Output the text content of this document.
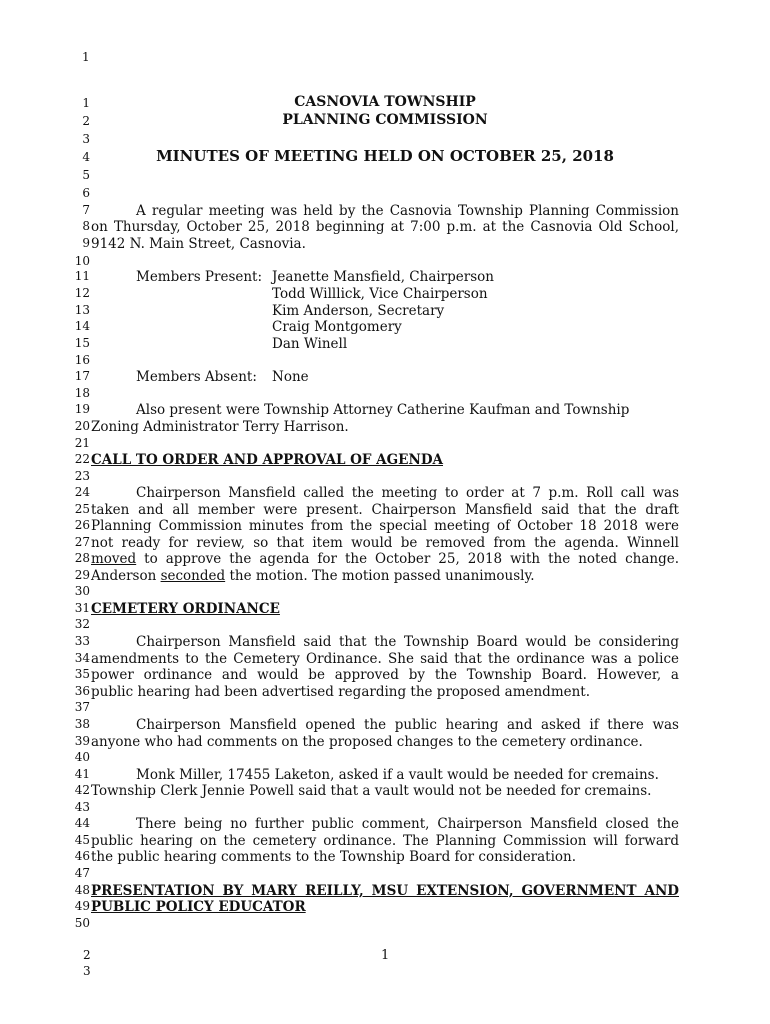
1
1
2
3
4
5
6
7
8
9
10
11
12
13
14
15
16
17
18
19
20
21
22
23
24
25
26
27
28
29
30
31
32
33
34
35
36
37
38
39
40
41
42
43
44
45
46
47
48
49
50
CASNOVIA TOWNSHIP
PLANNING COMMISSION
MINUTES OF MEETING HELD ON OCTOBER 25, 2018
A regular meeting was held by the Casnovia Township Planning Commission
on Thursday, October 25, 2018 beginning at 7:00 p.m. at the Casnovia Old School,
9142 N. Main Street, Casnovia.
Members Present: Jeanette Mansfield, Chairperson
Todd Willlick, Vice Chairperson
Kim Anderson, Secretary
Craig Montgomery
Dan Winell
Members Absent: None
Also present were Township Attorney Catherine Kaufman and Township
Zoning Administrator Terry Harrison.
CALL TO ORDER AND APPROVAL OF AGENDA
Chairperson Mansfield called the meeting to order at 7 p.m. Roll call was
taken and all member were present. Chairperson Mansfield said that the draft
Planning Commission minutes from the special meeting of October 18 2018 were
not ready for review, so that item would be removed from the agenda. Winnell
moved to approve the agenda for the October 25, 2018 with the noted change.
Anderson seconded the motion. The motion passed unanimously.
CEMETERY ORDINANCE
Chairperson Mansfield said that the Township Board would be considering
amendments to the Cemetery Ordinance. She said that the ordinance was a police
power ordinance and would be approved by the Township Board. However, a
public hearing had been advertised regarding the proposed amendment.
Chairperson Mansfield opened the public hearing and asked if there was
anyone who had comments on the proposed changes to the cemetery ordinance.
Monk Miller, 17455 Laketon, asked if a vault would be needed for cremains.
Township Clerk Jennie Powell said that a vault would not be needed for cremains.
There being no further public comment, Chairperson Mansfield closed the
public hearing on the cemetery ordinance. The Planning Commission will forward
the public hearing comments to the Township Board for consideration.
PRESENTATION BY MARY REILLY, MSU EXTENSION, GOVERNMENT AND
PUBLIC POLICY EDUCATOR
2
3
1
